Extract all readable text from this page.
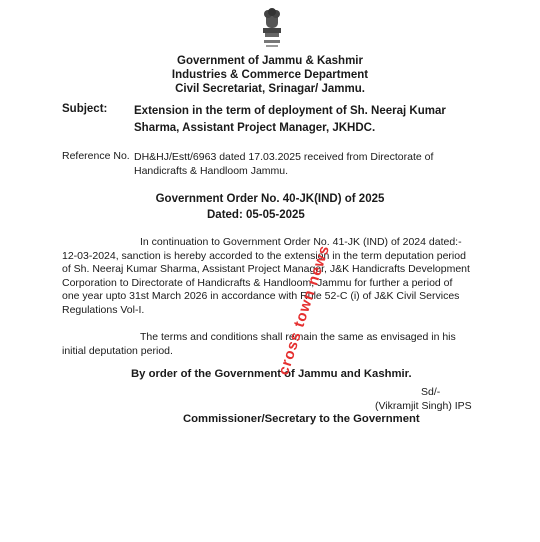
Government of Jammu & Kashmir
Industries & Commerce Department
Civil Secretariat, Srinagar/ Jammu.
Subject: Extension in the term of deployment of Sh. Neeraj Kumar
Sharma, Assistant Project Manager, JKHDC.
Reference No. DH&HJ/Estt/6963 dated 17.03.2025 received from Directorate of
Handicrafts & Handloom Jammu.
Government Order No. 40-JK(IND) of 2025
Dated: 05-05-2025
In continuation to Government Order No. 41-JK (IND) of 2024 dated:-
12-03-2024, sanction is hereby accorded to the extension in the term deputation period
of Sh. Neeraj Kumar Sharma, Assistant Project Manager, J&K Handicrafts Development
Corporation to Directorate of Handicrafts & Handloom, Jammu for further a period of
one year upto 31st March 2026 in accordance with Rule 52-C (i) of J&K Civil Services
Regulations Vol-I.
The terms and conditions shall remain the same as envisaged in his
initial deputation period.
By order of the Government of Jammu and Kashmir.
Sd/-
(Vikramjit Singh) IPS
Commissioner/Secretary to the Government
cross town news
